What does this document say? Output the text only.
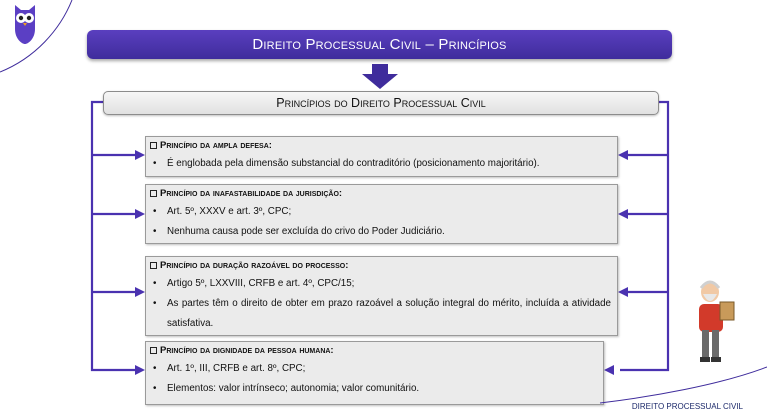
Direito Processual Civil – Princípios
Princípios do Direito Processual Civil
Princípio da ampla defesa:
•	É englobada pela dimensão substancial do contraditório (posicionamento majoritário).
Princípio da inafastabilidade da jurisdição:
•	Art. 5º, XXXV e art. 3º, CPC;
•	Nenhuma causa pode ser excluída do crivo do Poder Judiciário.
Princípio da duração razoável do processo:
•	Artigo 5º, LXXVIII, CRFB e art. 4º, CPC/15;
•	As partes têm o direito de obter em prazo razoável a solução integral do mérito, incluída a atividade satisfativa.
Princípio da dignidade da pessoa humana:
•	Art. 1º, III, CRFB e art. 8º, CPC;
•	Elementos: valor intrínseco; autonomia; valor comunitário.
DIREITO PROCESSUAL CIVIL
